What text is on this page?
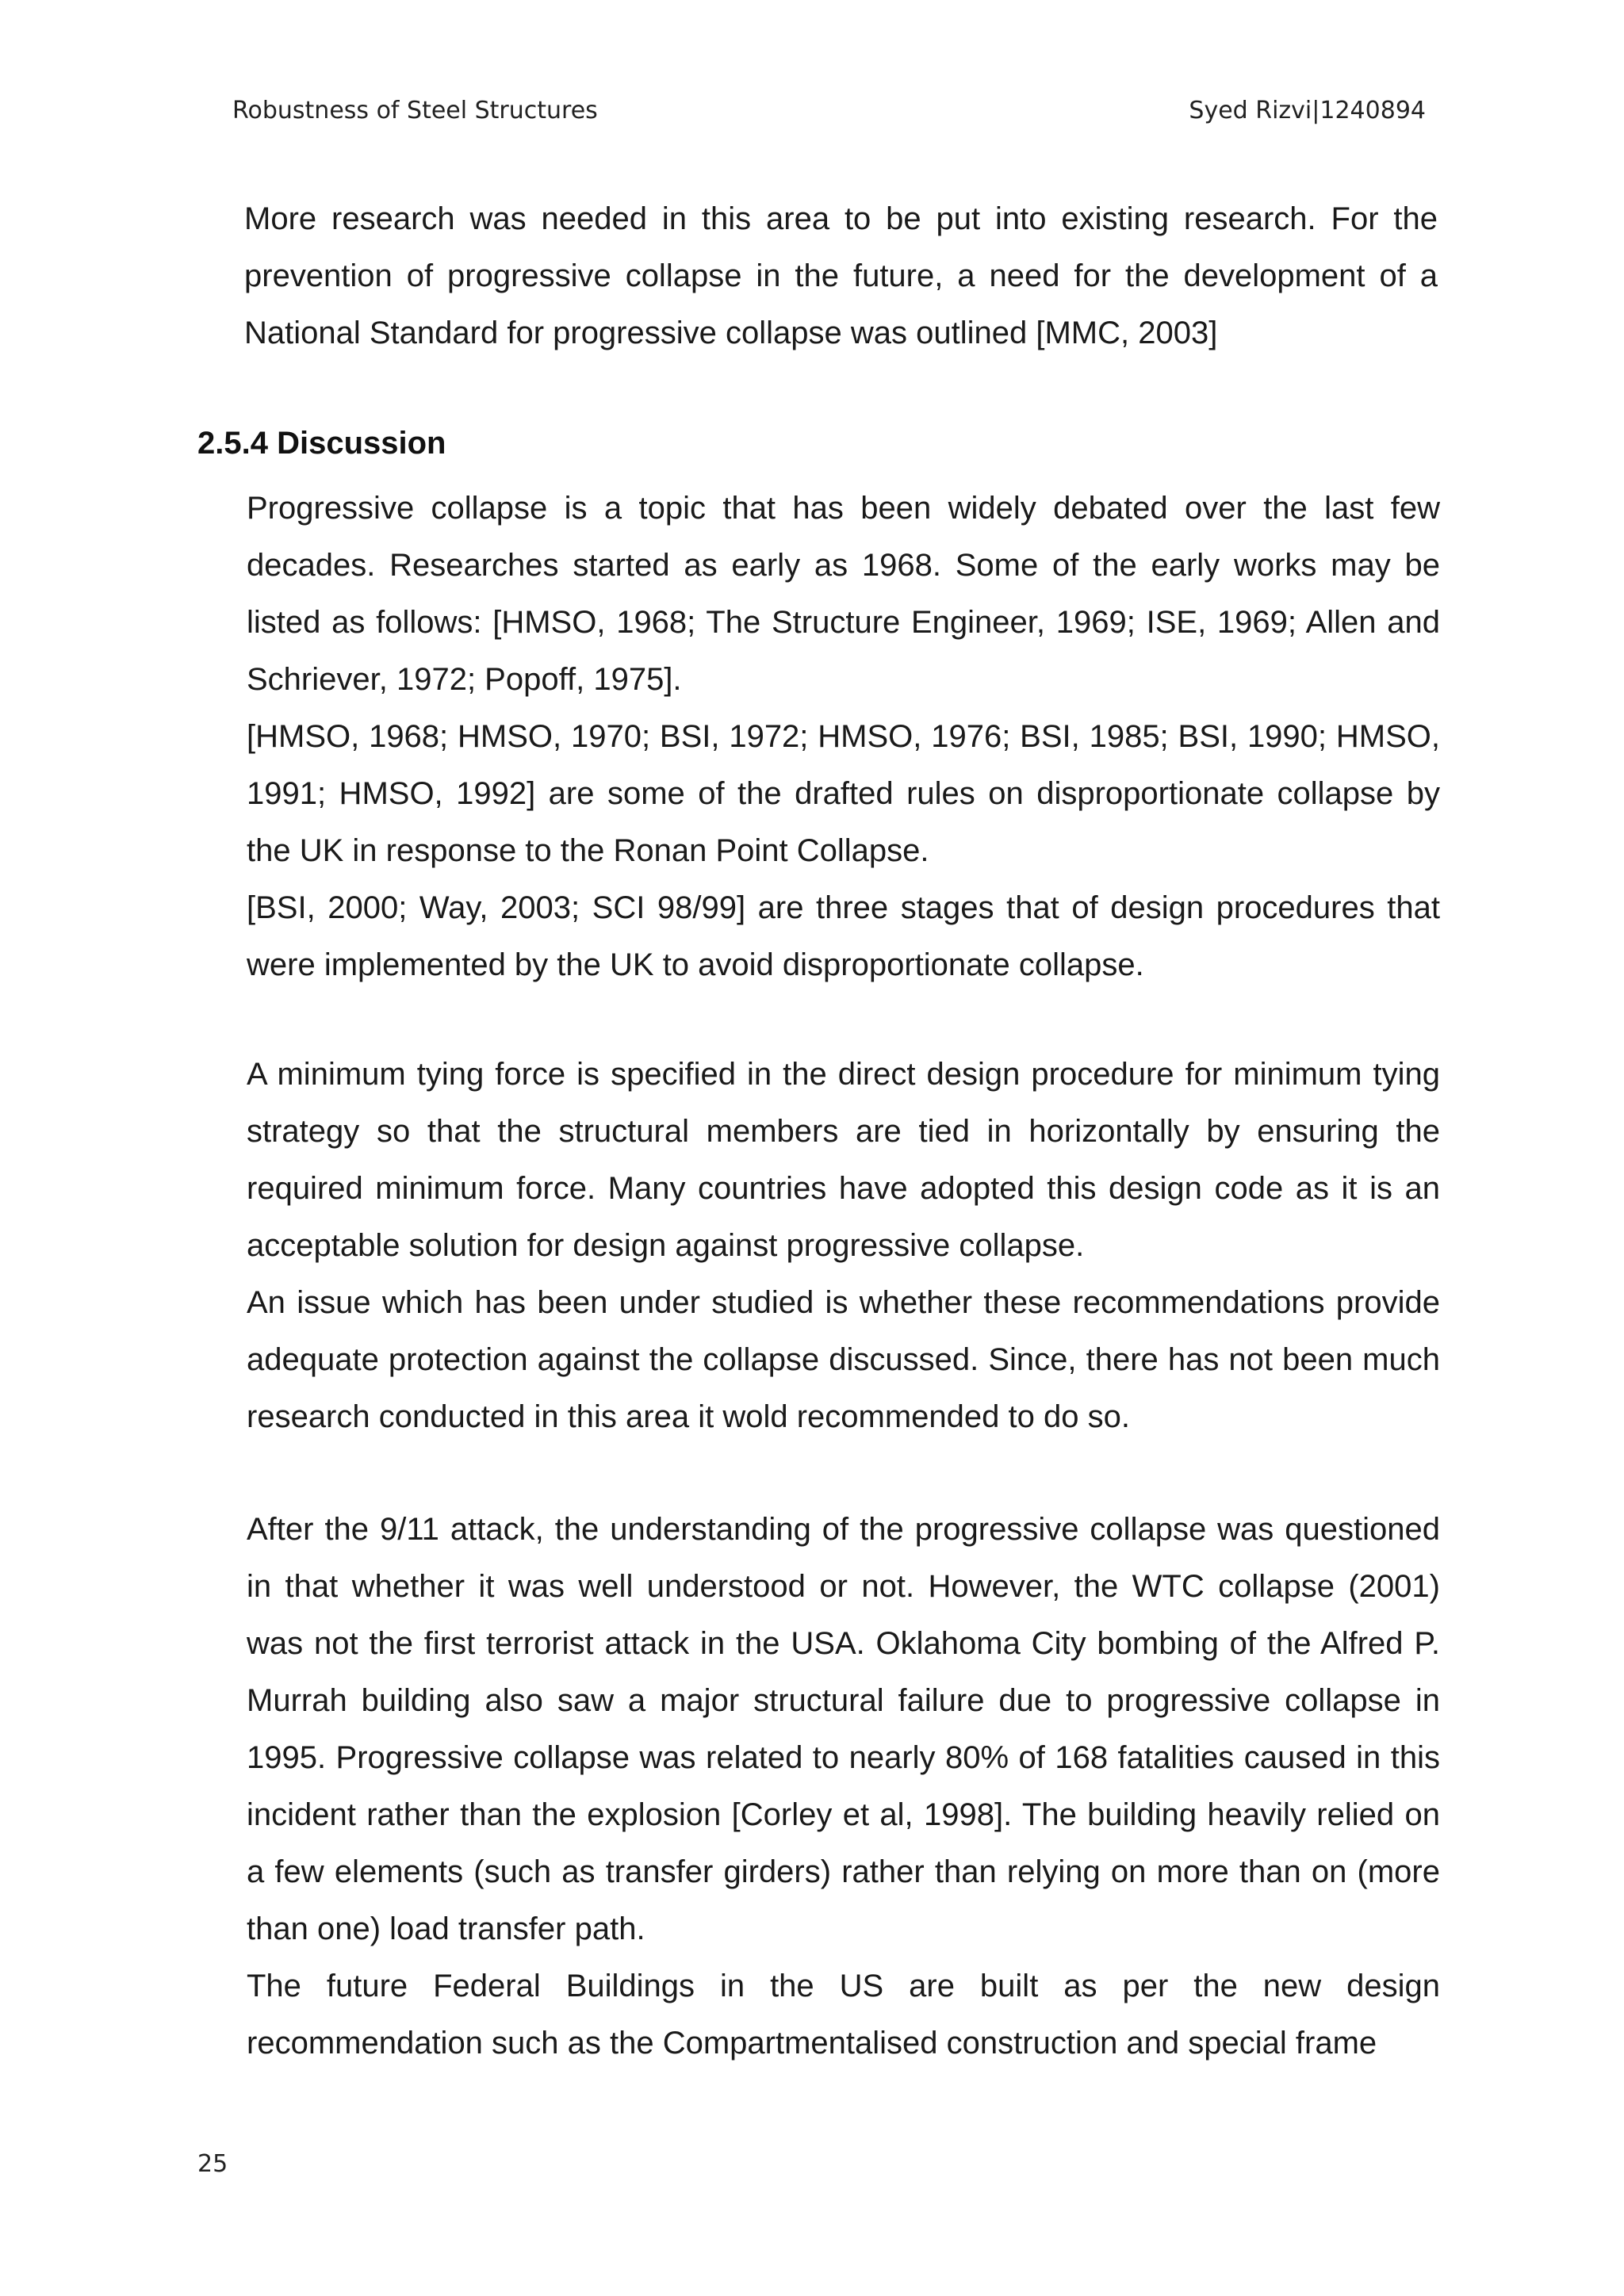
Robustness of Steel Structures	Syed Rizvi|1240894

More research was needed in this area to be put into existing research. For the prevention of progressive collapse in the future, a need for the development of a National Standard for progressive collapse was outlined [MMC, 2003]

2.5.4 Discussion

Progressive collapse is a topic that has been widely debated over the last few decades. Researches started as early as 1968. Some of the early works may be listed as follows: [HMSO, 1968; The Structure Engineer, 1969; ISE, 1969; Allen and Schriever, 1972; Popoff, 1975].

[HMSO, 1968; HMSO, 1970; BSI, 1972; HMSO, 1976; BSI, 1985; BSI, 1990; HMSO, 1991; HMSO, 1992] are some of the drafted rules on disproportionate collapse by the UK in response to the Ronan Point Collapse.

[BSI, 2000; Way, 2003; SCI 98/99] are three stages that of design procedures that were implemented by the UK to avoid disproportionate collapse.

A minimum tying force is specified in the direct design procedure for minimum tying strategy so that the structural members are tied in horizontally by ensuring the required minimum force. Many countries have adopted this design code as it is an acceptable solution for design against progressive collapse.

An issue which has been under studied is whether these recommendations provide adequate protection against the collapse discussed. Since, there has not been much research conducted in this area it wold recommended to do so.

After the 9/11 attack, the understanding of the progressive collapse was questioned in that whether it was well understood or not. However, the WTC collapse (2001) was not the first terrorist attack in the USA. Oklahoma City bombing of the Alfred P. Murrah building also saw a major structural failure due to progressive collapse in 1995. Progressive collapse was related to nearly 80% of 168 fatalities caused in this incident rather than the explosion [Corley et al, 1998]. The building heavily relied on a few elements (such as transfer girders) rather than relying on more than on (more than one) load transfer path.

The future Federal Buildings in the US are built as per the new design recommendation such as the Compartmentalised construction and special frame

25
